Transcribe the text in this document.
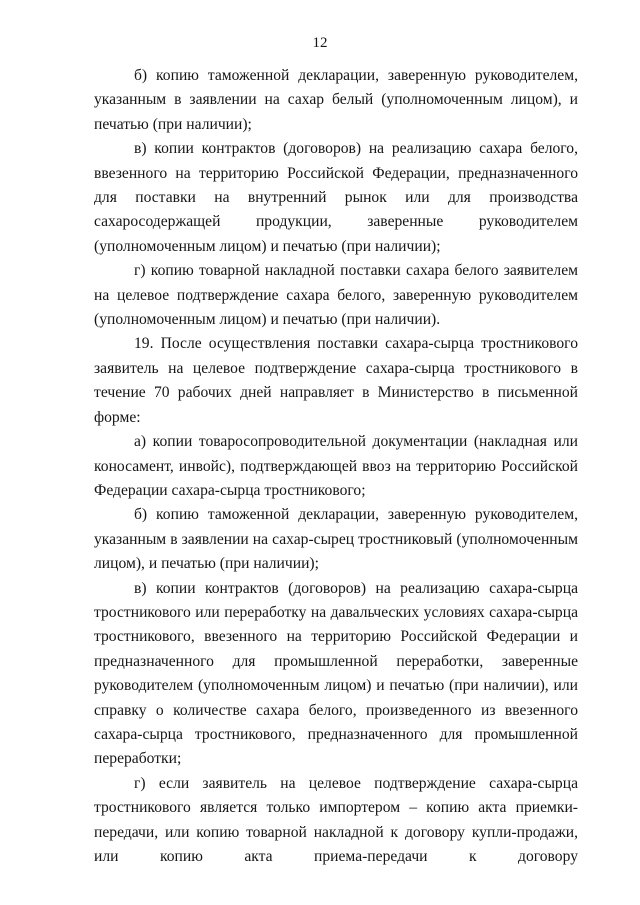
12

б) копию таможенной декларации, заверенную руководителем, указанным в заявлении на сахар белый (уполномоченным лицом), и печатью (при наличии);

в) копии контрактов (договоров) на реализацию сахара белого, ввезенного на территорию Российской Федерации, предназначенного для поставки на внутренний рынок или для производства сахаросодержащей продукции, заверенные руководителем (уполномоченным лицом) и печатью (при наличии);

г) копию товарной накладной поставки сахара белого заявителем на целевое подтверждение сахара белого, заверенную руководителем (уполномоченным лицом) и печатью (при наличии).

19. После осуществления поставки сахара-сырца тростникового заявитель на целевое подтверждение сахара-сырца тростникового в течение 70 рабочих дней направляет в Министерство в письменной форме:

а) копии товаросопроводительной документации (накладная или коносамент, инвойс), подтверждающей ввоз на территорию Российской Федерации сахара-сырца тростникового;

б) копию таможенной декларации, заверенную руководителем, указанным в заявлении на сахар-сырец тростниковый (уполномоченным лицом), и печатью (при наличии);

в) копии контрактов (договоров) на реализацию сахара-сырца тростникового или переработку на давальческих условиях сахара-сырца тростникового, ввезенного на территорию Российской Федерации и предназначенного для промышленной переработки, заверенные руководителем (уполномоченным лицом) и печатью (при наличии), или справку о количестве сахара белого, произведенного из ввезенного сахара-сырца тростникового, предназначенного для промышленной переработки;

г) если заявитель на целевое подтверждение сахара-сырца тростникового является только импортером – копию акта приемки-передачи, или копию товарной накладной к договору купли-продажи, или копию акта приема-передачи к договору
